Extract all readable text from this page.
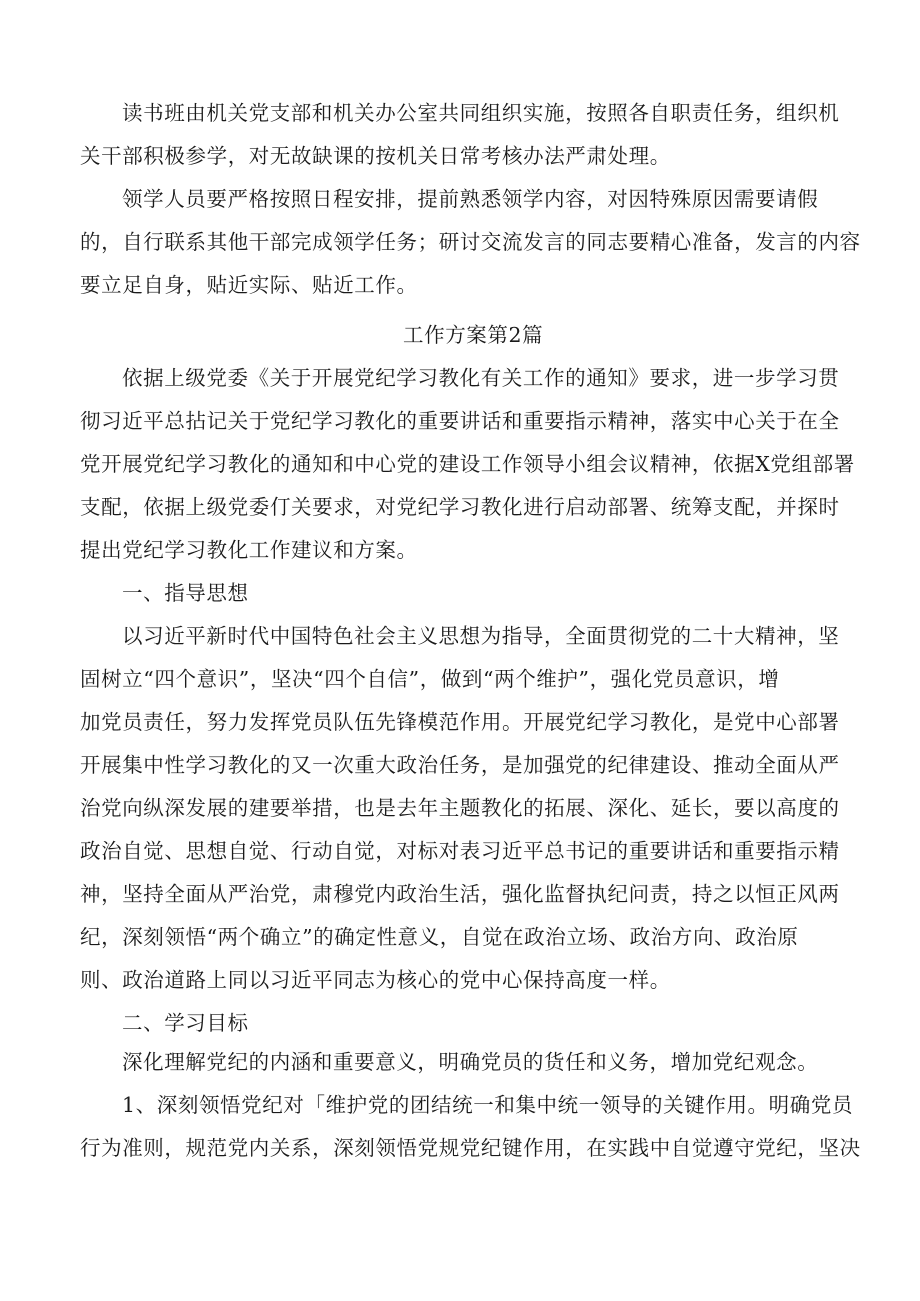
读书班由机关党支部和机关办公室共同组织实施，按照各自职责任务，组织机
关干部积极参学，对无故缺课的按机关日常考核办法严肃处理。
领学人员要严格按照日程安排，提前熟悉领学内容，对因特殊原因需要请假
的，自行联系其他干部完成领学任务；研讨交流发言的同志要精心准备，发言的内容
要立足自身，贴近实际、贴近工作。
工作方案第2篇
依据上级党委《关于开展党纪学习教化有关工作的通知》要求，进一步学习贯
彻习近平总拈记关于党纪学习教化的重要讲话和重要指示精神，落实中心关于在全
党开展党纪学习教化的通知和中心党的建设工作领导小组会议精神，依据X党组部署
支配，依据上级党委仃关要求，对党纪学习教化进行启动部署、统筹支配，并探时
提出党纪学习教化工作建议和方案。
一、指导思想
以习近平新时代中国特色社会主义思想为指导，全面贯彻党的二十大精神，坚
固树立“四个意识”，坚决“四个自信”，做到“两个维护”，强化党员意识，增
加党员责任，努力发挥党员队伍先锋模范作用。开展党纪学习教化，是党中心部署
开展集中性学习教化的又一次重大政治任务，是加强党的纪律建设、推动全面从严
治党向纵深发展的建要举措，也是去年主题教化的拓展、深化、延长，要以高度的
政治自觉、思想自觉、行动自觉，对标对表习近平总书记的重要讲话和重要指示精
神，坚持全面从严治党，肃穆党内政治生活，强化监督执纪问责，持之以恒正风两
纪，深刻领悟“两个确立”的确定性意义，自觉在政治立场、政治方向、政治原
则、政治道路上同以习近平同志为核心的党中心保持高度一样。
二、学习目标
深化理解党纪的内涵和重要意义，明确党员的货任和义务，增加党纪观念。
1、深刻领悟党纪对「维护党的团结统一和集中统一领导的关键作用。明确党员
行为准则，规范党内关系，深刻领悟党规党纪键作用，在实践中自觉遵守党纪，坚决
